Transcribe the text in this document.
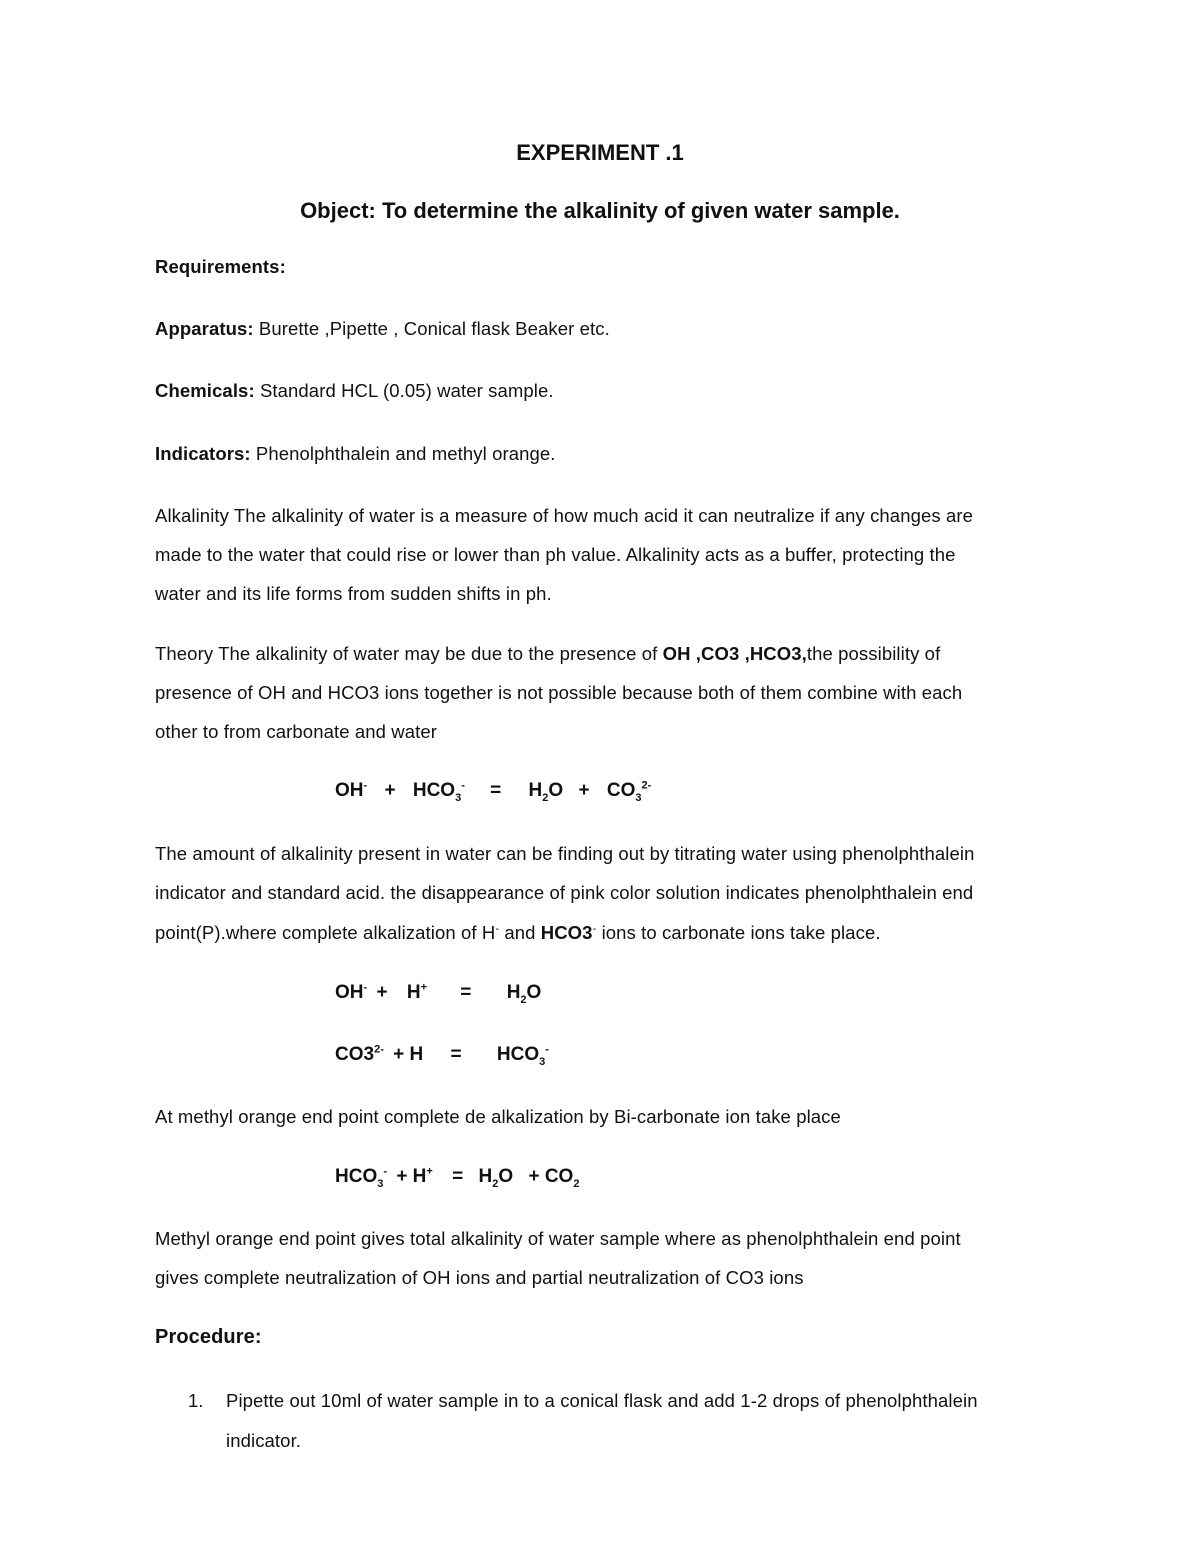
EXPERIMENT .1
Object: To determine the alkalinity of given water sample.
Requirements:
Apparatus: Burette ,Pipette , Conical flask Beaker etc.
Chemicals: Standard HCL (0.05) water sample.
Indicators: Phenolphthalein and methyl orange.
Alkalinity The alkalinity of water is a measure of how much acid it can neutralize if any changes are
made to the water that could rise or lower than ph value. Alkalinity acts as a buffer, protecting the
water and its life forms from sudden shifts in ph.
Theory The alkalinity of water may be due to the presence of OH ,CO3 ,HCO3,the possibility of
presence of OH and HCO3 ions together is not possible because both of them combine with each
other to from carbonate and water
$OH^- + HCO_3^- = H_2O + CO_3^{2-}$
The amount of alkalinity present in water can be finding out by titrating water using phenolphthalein
indicator and standard acid. the disappearance of pink color solution indicates phenolphthalein end
point(P).where complete alkalization of H- and HCO3- ions to carbonate ions take place.
$OH^- + H^+ = H_2O$
$CO3^{2-} + H = HCO_3^-$
At methyl orange end point complete de alkalization by Bi-carbonate ion take place
$HCO_3^- + H^+ = H_2O + CO_2$
Methyl orange end point gives total alkalinity of water sample where as phenolphthalein end point
gives complete neutralization of OH ions and partial neutralization of CO3 ions
Procedure:
1. Pipette out 10ml of water sample in to a conical flask and add 1-2 drops of phenolphthalein
indicator.
